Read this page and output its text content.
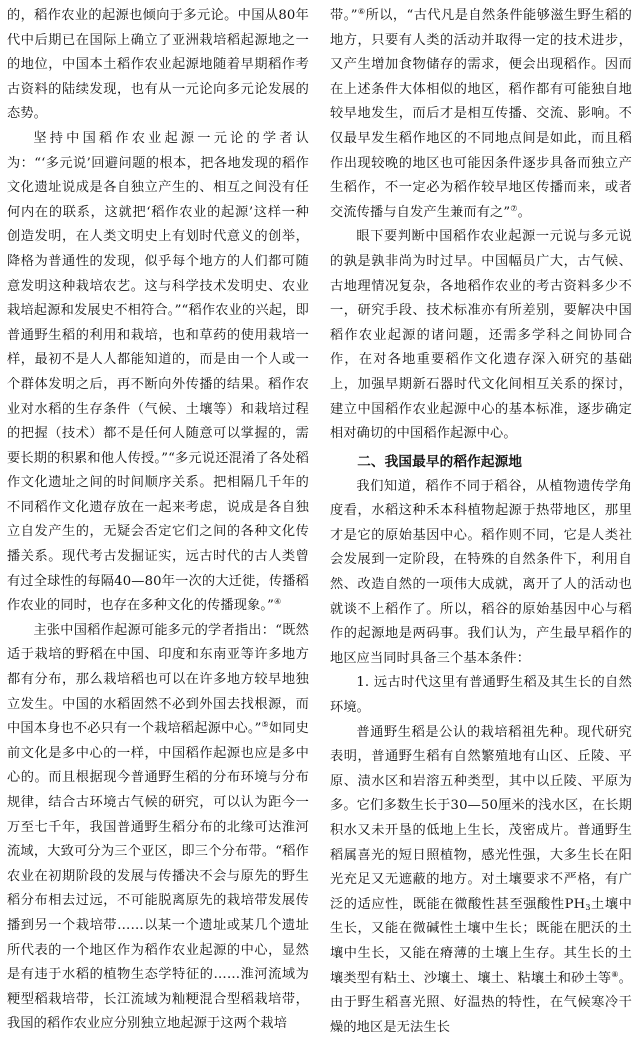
的，稻作农业的起源也倾向于多元论。中国从80年代中后期已在国际上确立了亚洲栽培稻起源地之一的地位，中国本土稻作农业起源地随着早期稻作考古资料的陆续发现，也有从一元论向多元论发展的态势。

坚持中国稻作农业起源一元论的学者认为：“‘多元说’回避问题的根本，把各地发现的稻作文化遗址说成是各自独立产生的、相互之间没有任何内在的联系，这就把‘稻作农业的起源’这样一种创造发明，在人类文明史上有划时代意义的创举，降格为普通性的发现，似乎每个地方的人们都可随意发明这种栽培农艺。这与科学技术发明史、农业栽培起源和发展史不相符合。”“稻作农业的兴起，即普通野生稻的利用和栽培，也和草药的使用栽培一样，最初不是人人都能知道的，而是由一个人或一个群体发明之后，再不断向外传播的结果。稻作农业对水稻的生存条件（气候、土壤等）和栽培过程的把握（技术）都不是任何人随意可以掌握的，需要长期的积累和他人传授。”“多元说还混淆了各处稻作文化遗址之间的时间顺序关系。把相隔几千年的不同稻作文化遗存放在一起来考虑，说成是各自独立自发产生的，无疑会否定它们之间的各种文化传播关系。现代考古发掘证实，远古时代的古人类曾有过全球性的每隔40—80年一次的大迁徙，传播稻作农业的同时，也存在多种文化的传播现象。”④

主张中国稻作起源可能多元的学者指出：“既然适于栽培的野稻在中国、印度和东南亚等许多地方都有分布，那么栽培稻也可以在许多地方较早地独立发生。中国的水稻固然不必到外国去找根源，而中国本身也不必只有一个栽培稻起源中心。”⑤如同史前文化是多中心的一样，中国稻作起源也应是多中心的。而且根据现今普通野生稻的分布环境与分布规律，结合古环境古气候的研究，可以认为距今一万至七千年，我国普通野生稻分布的北缘可达淮河流域，大致可分为三个亚区，即三个分布带。“稻作农业在初期阶段的发展与传播决不会与原先的野生稻分布相去过远，不可能脱离原先的栽培带发展传播到另一个栽培带……以某一个遗址或某几个遗址所代表的一个地区作为稻作农业起源的中心，显然是有违于水稻的植物生态学特征的……淮河流域为粳型稻栽培带，长江流域为籼粳混合型稻栽培带，我国的稻作农业应分别独立地起源于这两个栽培

带。”⑥所以，“古代凡是自然条件能够滋生野生稻的地方，只要有人类的活动并取得一定的技术进步，又产生增加食物储存的需求，便会出现稻作。因而在上述条件大体相似的地区，稻作都有可能独自地较早地发生，而后才是相互传播、交流、影响。不仅最早发生稻作地区的不同地点间是如此，而且稻作出现较晚的地区也可能因条件逐步具备而独立产生稻作，不一定必为稻作较早地区传播而来，或者交流传播与自发产生兼而有之”⑦。

眼下要判断中国稻作农业起源一元说与多元说的孰是孰非尚为时过早。中国幅员广大，古气候、古地理情况复杂，各地稻作农业的考古资料多少不一，研究手段、技术标准亦有所差别，要解决中国稻作农业起源的诸问题，还需多学科之间协同合作，在对各地重要稻作文化遗存深入研究的基础上，加强早期新石器时代文化间相互关系的探讨，建立中国稻作农业起源中心的基本标准，逐步确定相对确切的中国稻作起源中心。

二、我国最早的稻作起源地

我们知道，稻作不同于稻谷，从植物遗传学角度看，水稻这种禾本科植物起源于热带地区，那里才是它的原始基因中心。稻作则不同，它是人类社会发展到一定阶段，在特殊的自然条件下，利用自然、改造自然的一项伟大成就，离开了人的活动也就谈不上稻作了。所以，稻谷的原始基因中心与稻作的起源地是两码事。我们认为，产生最早稻作的地区应当同时具备三个基本条件：

1. 远古时代这里有普通野生稻及其生长的自然环境。

普通野生稻是公认的栽培稻祖先种。现代研究表明，普通野生稻有自然繁殖地有山区、丘陵、平原、渍水区和岩溶五种类型，其中以丘陵、平原为多。它们多数生长于30—50厘米的浅水区，在长期积水又未开垦的低地上生长，茂密成片。普通野生稻属喜光的短日照植物，感光性强，大多生长在阳光充足又无遮蔽的地方。对土壤要求不严格，有广泛的适应性，既能在微酸性甚至强酸性$PH_3$土壤中生长，又能在微碱性土壤中生长；既能在肥沃的土壤中生长，又能在瘠薄的土壤上生存。其生长的土壤类型有粘土、沙壤土、壤土、粘壤土和砂土等⑧。由于野生稻喜光照、好温热的特性，在气候寒冷干燥的地区是无法生长
